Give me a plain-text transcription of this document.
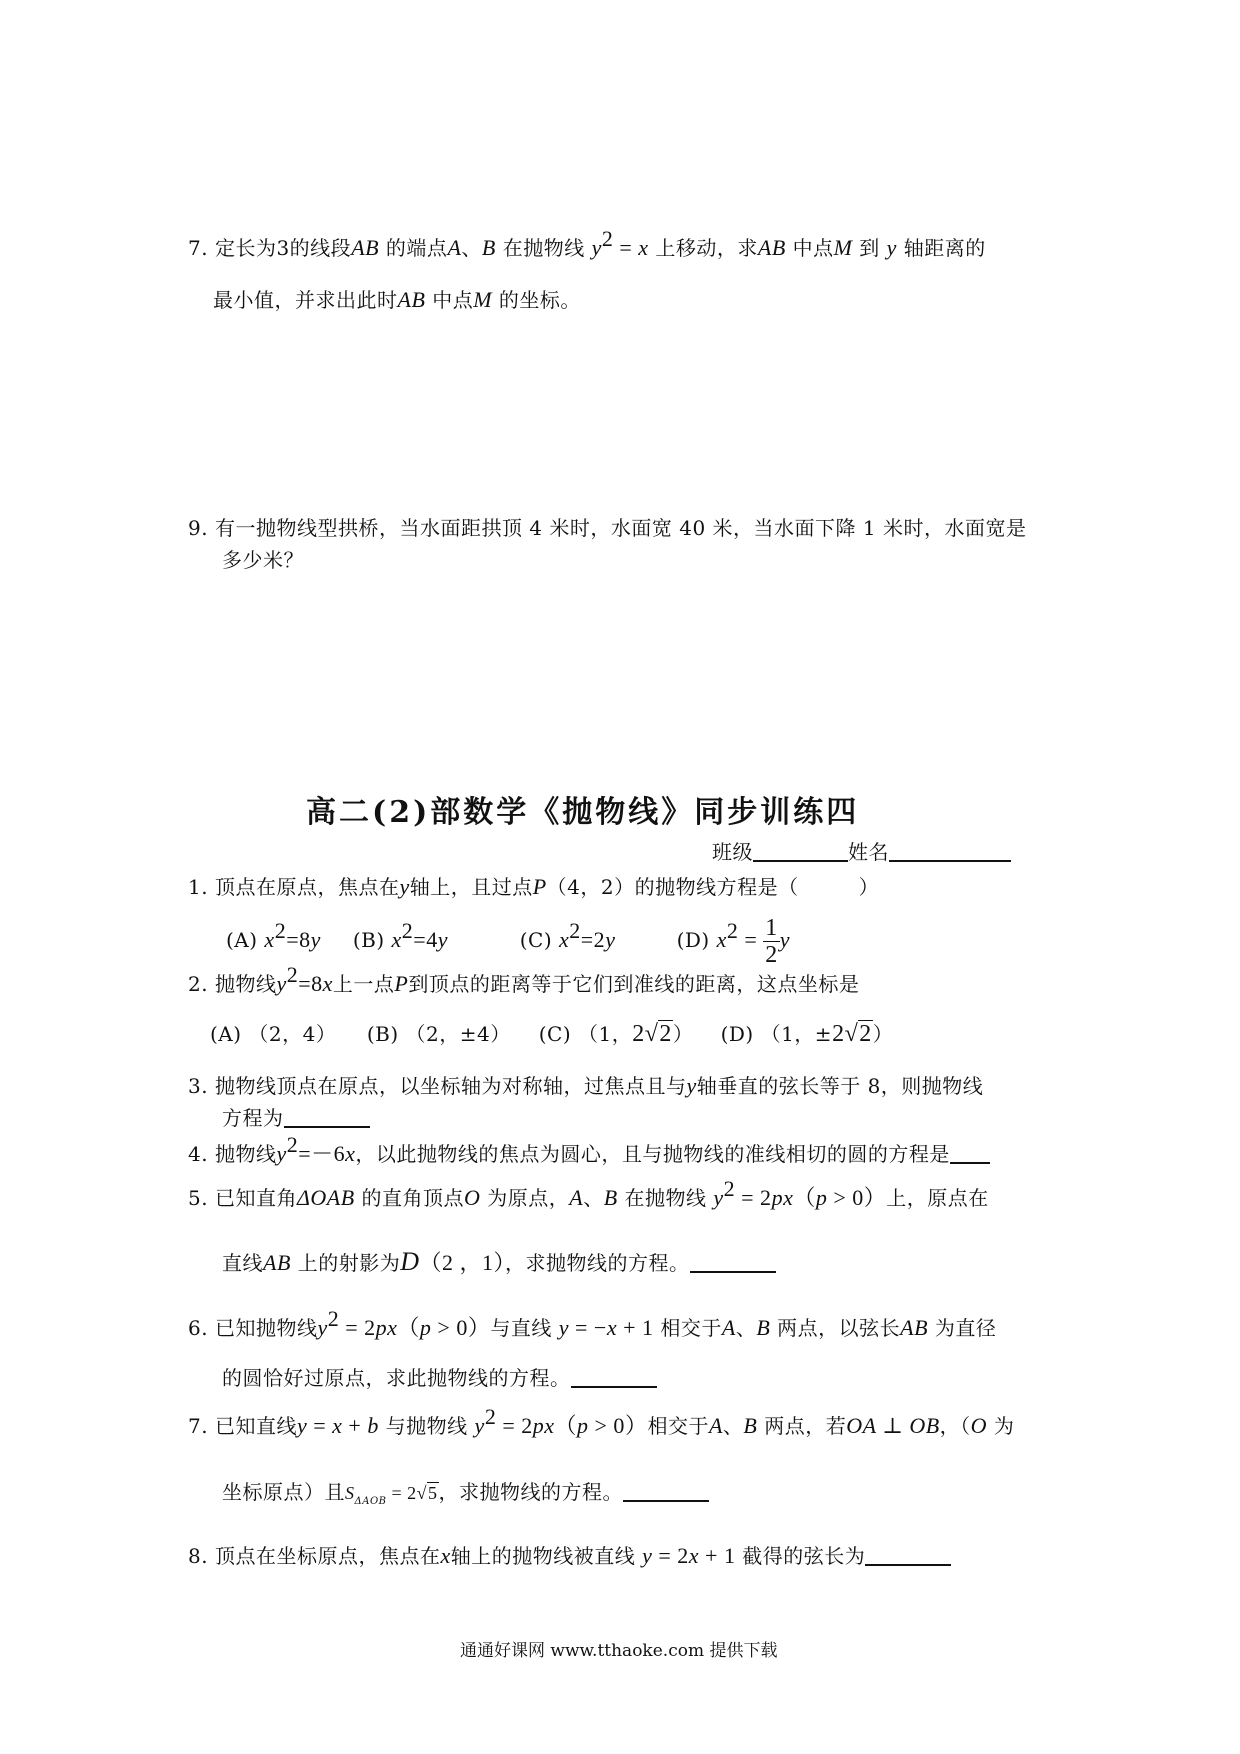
7. 定长为3的线段AB 的端点A、B 在抛物线 $y^2 = x$ 上移动，求AB 中点M 到 y 轴距离的
最小值，并求出此时AB 中点M 的坐标。
9. 有一抛物线型拱桥，当水面距拱顶 4 米时，水面宽 40 米，当水面下降 1 米时，水面宽是
多少米？
高二(2)部数学《抛物线》同步训练四
班级	姓名
1. 顶点在原点，焦点在y轴上，且过点P（4，2）的抛物线方程是（	）
(A) $x^2=8y$ (B) $x^2=4y$	(C) $x^2=2y$	(D) $x^2 = \frac{1}{2}$ y
2. 抛物线$y^2=8x$上一点P到顶点的距离等于它们到准线的距离，这点坐标是
(A) （2，4） (B) （2，±4） (C) （1，2√2） (D) （1，±2√2）
3. 抛物线顶点在原点，以坐标轴为对称轴，过焦点且与y轴垂直的弦长等于 8，则抛物线
方程为
4. 抛物线$y^2=-6x$，以此抛物线的焦点为圆心，且与抛物线的准线相切的圆的方程是
5. 已知直角ΔOAB 的直角顶点O 为原点，A、B 在抛物线 $y^2 = 2px(p > 0)$上，原点在
直线AB 上的射影为D（2 ，1），求抛物线的方程。
6. 已知抛物线$y^2 = 2px(p > 0)$与直线 y = −x + 1 相交于A、B 两点，以弦长AB 为直径
的圆恰好过原点，求此抛物线的方程。
7. 已知直线y = x + b 与抛物线 $y^2 = 2px(p > 0)$相交于A、B 两点，若OA ⊥ OB，（O 为
坐标原点）且$S_{\Delta AOB} = 2√5$，求抛物线的方程。
8. 顶点在坐标原点，焦点在x轴上的抛物线被直线 y = 2x + 1 截得的弦长为
通通好课网 www.tthaoke.com 提供下载
